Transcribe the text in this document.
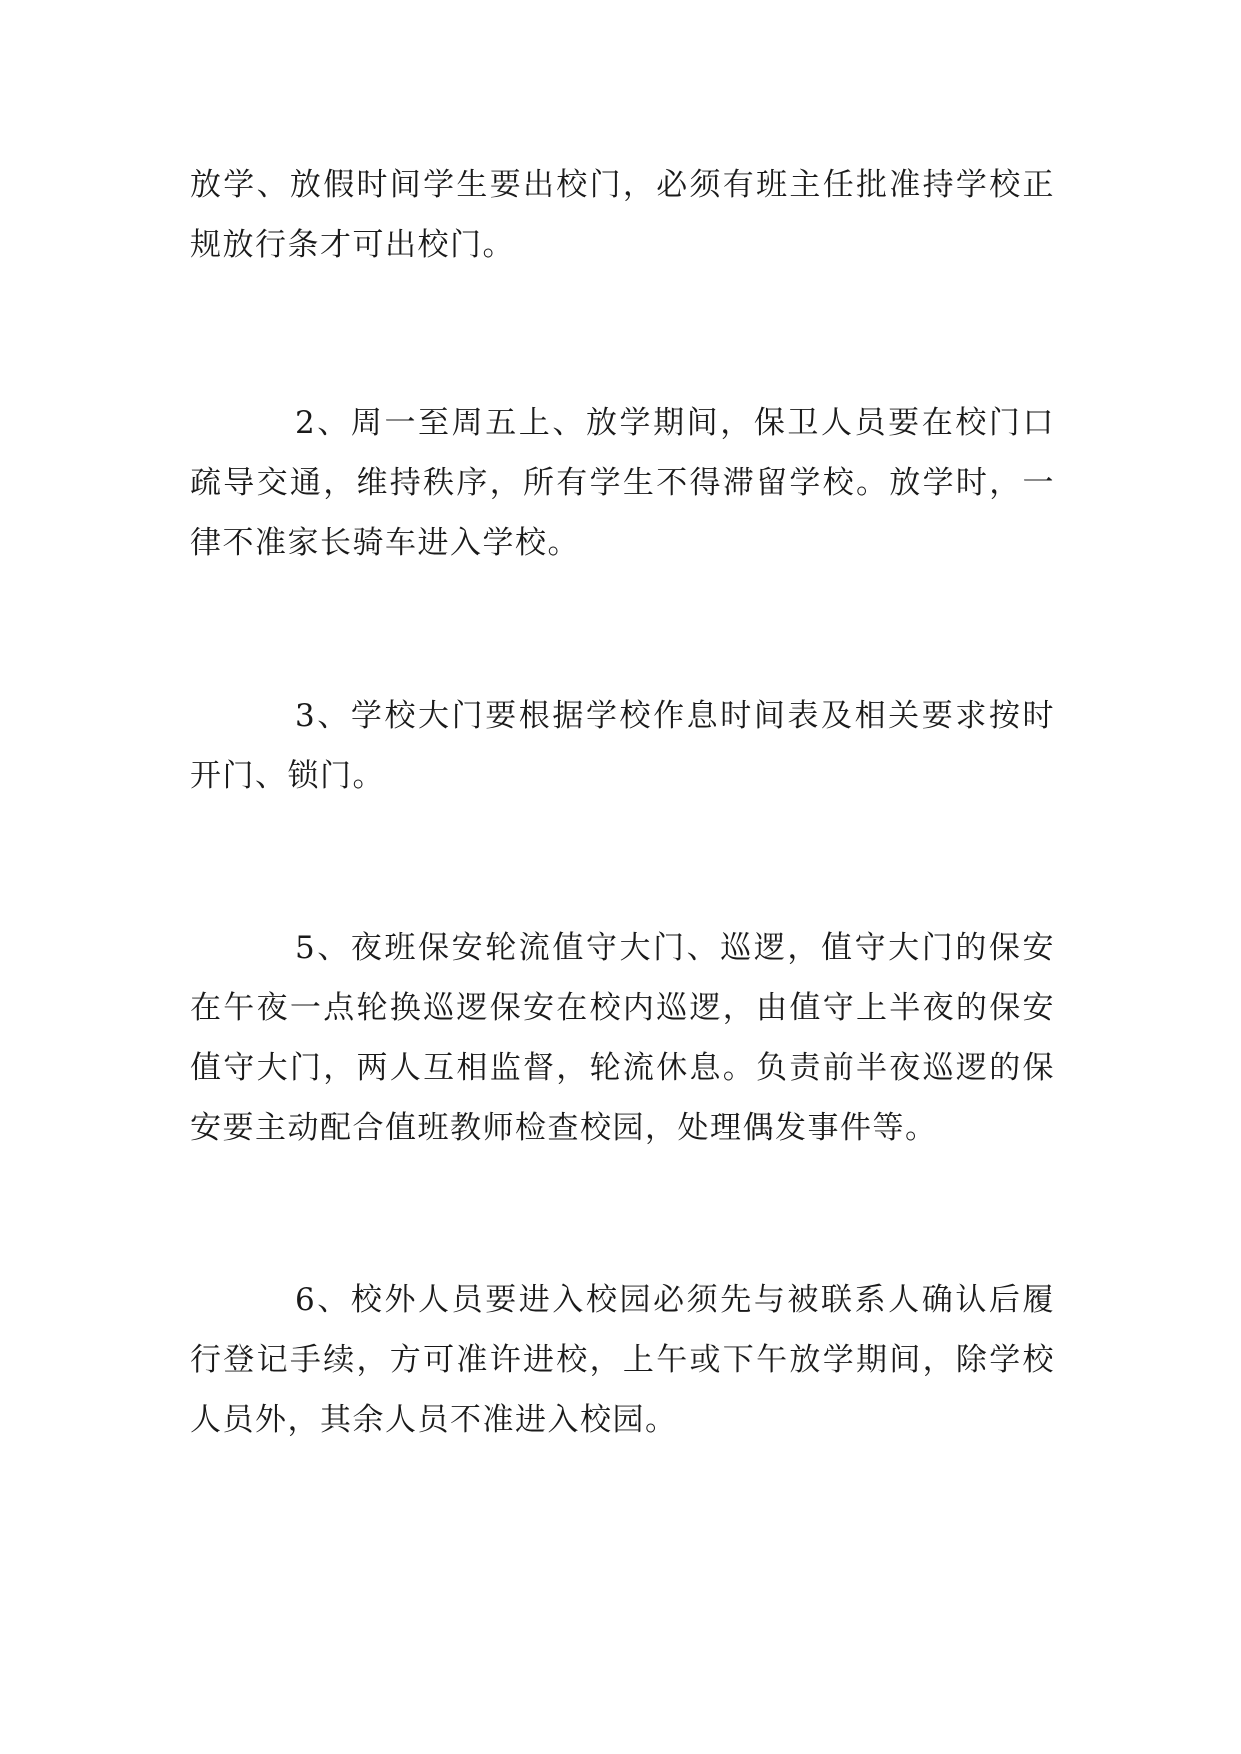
放学、放假时间学生要出校门，必须有班主任批准持学校正规放行条才可出校门。

2、周一至周五上、放学期间，保卫人员要在校门口疏导交通，维持秩序，所有学生不得滞留学校。放学时，一律不准家长骑车进入学校。

3、学校大门要根据学校作息时间表及相关要求按时开门、锁门。

5、夜班保安轮流值守大门、巡逻，值守大门的保安在午夜一点轮换巡逻保安在校内巡逻，由值守上半夜的保安值守大门，两人互相监督，轮流休息。负责前半夜巡逻的保安要主动配合值班教师检查校园，处理偶发事件等。

6、校外人员要进入校园必须先与被联系人确认后履行登记手续，方可准许进校，上午或下午放学期间，除学校人员外，其余人员不准进入校园。
